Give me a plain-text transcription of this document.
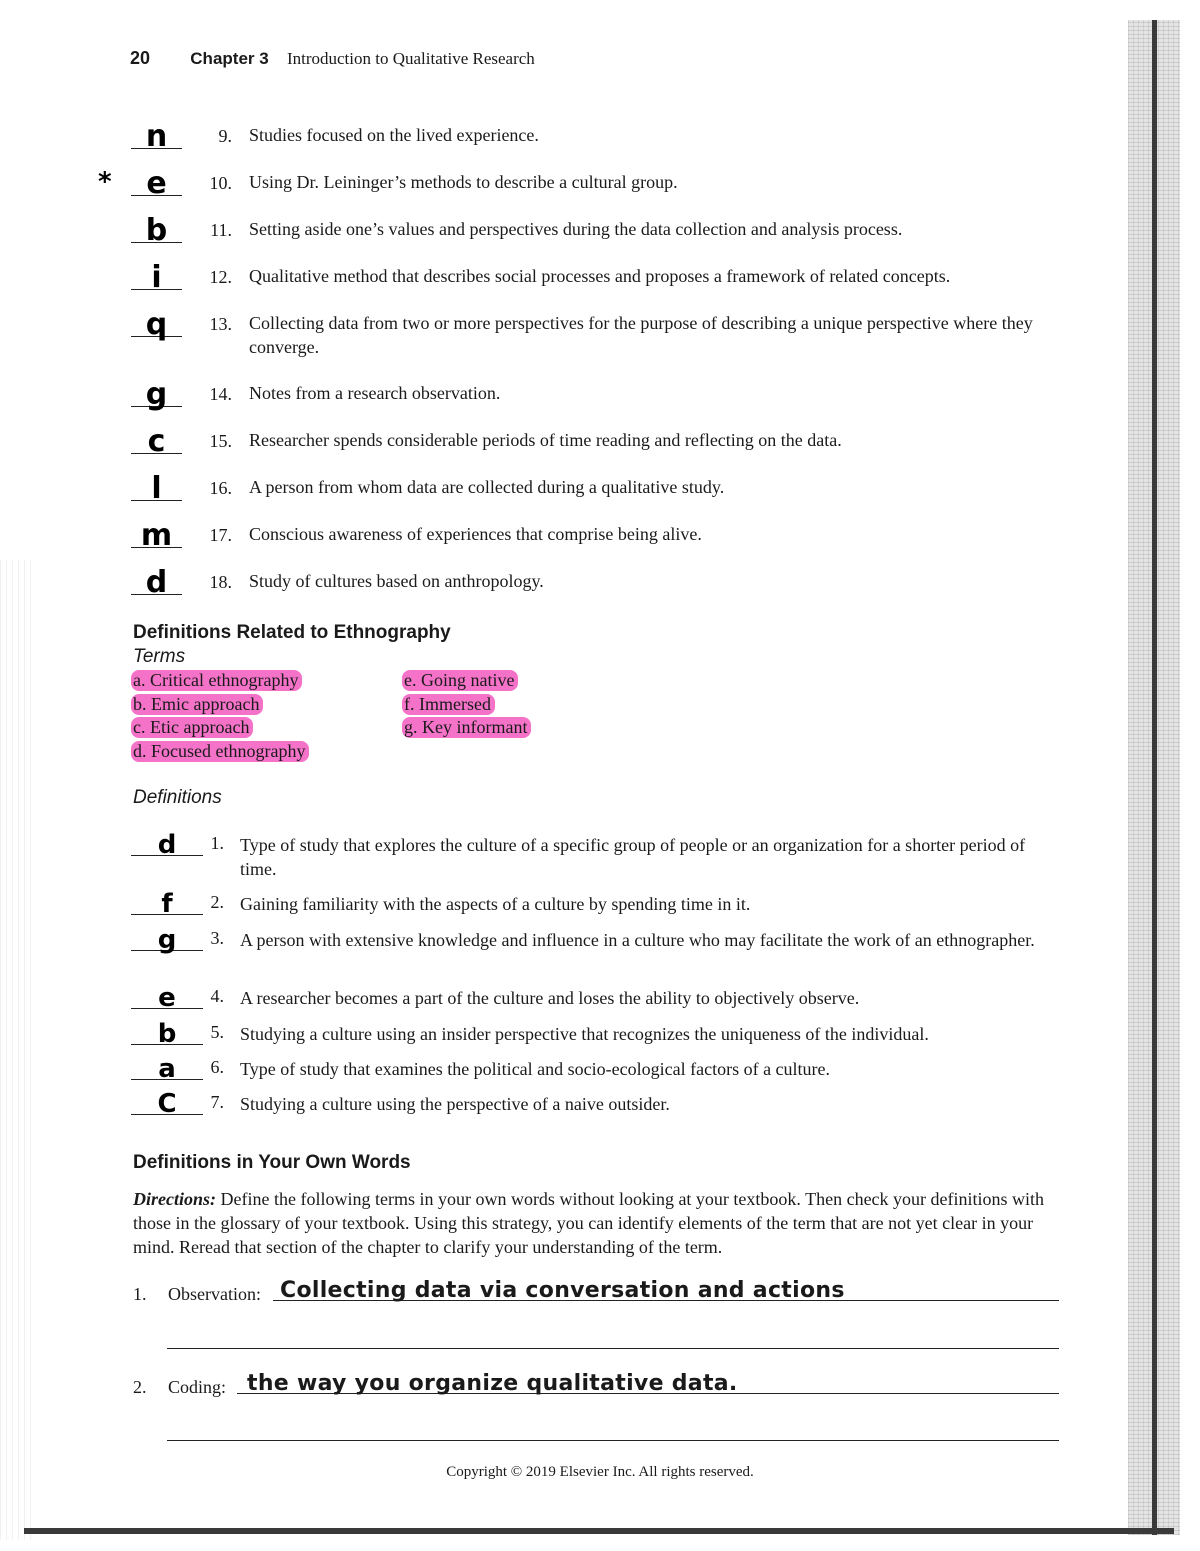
20 Chapter 3 Introduction to Qualitative Research
n	9. Studies focused on the lived experience.
*	e	10. Using Dr. Leininger’s methods to describe a cultural group.
b	11. Setting aside one’s values and perspectives during the data collection and analysis process.
i	12. Qualitative method that describes social processes and proposes a framework of related concepts.
q	13. Collecting data from two or more perspectives for the purpose of describing a unique perspective where they converge.
g	14. Notes from a research observation.
c	15. Researcher spends considerable periods of time reading and reflecting on the data.
l	16. A person from whom data are collected during a qualitative study.
m	17. Conscious awareness of experiences that comprise being alive.
d	18. Study of cultures based on anthropology.
Definitions Related to Ethnography
Terms
a. Critical ethnography
b. Emic approach
c. Etic approach
d. Focused ethnography
e. Going native
f. Immersed
g. Key informant
Definitions
d	1. Type of study that explores the culture of a specific group of people or an organization for a shorter period of time.
f	2. Gaining familiarity with the aspects of a culture by spending time in it.
g	3. A person with extensive knowledge and influence in a culture who may facilitate the work of an ethnographer.
e	4. A researcher becomes a part of the culture and loses the ability to objectively observe.
b	5. Studying a culture using an insider perspective that recognizes the uniqueness of the individual.
a	6. Type of study that examines the political and socio-ecological factors of a culture.
C	7. Studying a culture using the perspective of a naive outsider.
Definitions in Your Own Words
Directions: Define the following terms in your own words without looking at your textbook. Then check your definitions with those in the glossary of your textbook. Using this strategy, you can identify elements of the term that are not yet clear in your mind. Reread that section of the chapter to clarify your understanding of the term.
1. Observation: Collecting data via conversation and actions
2. Coding: the way you organize qualitative data.
Copyright © 2019 Elsevier Inc. All rights reserved.
